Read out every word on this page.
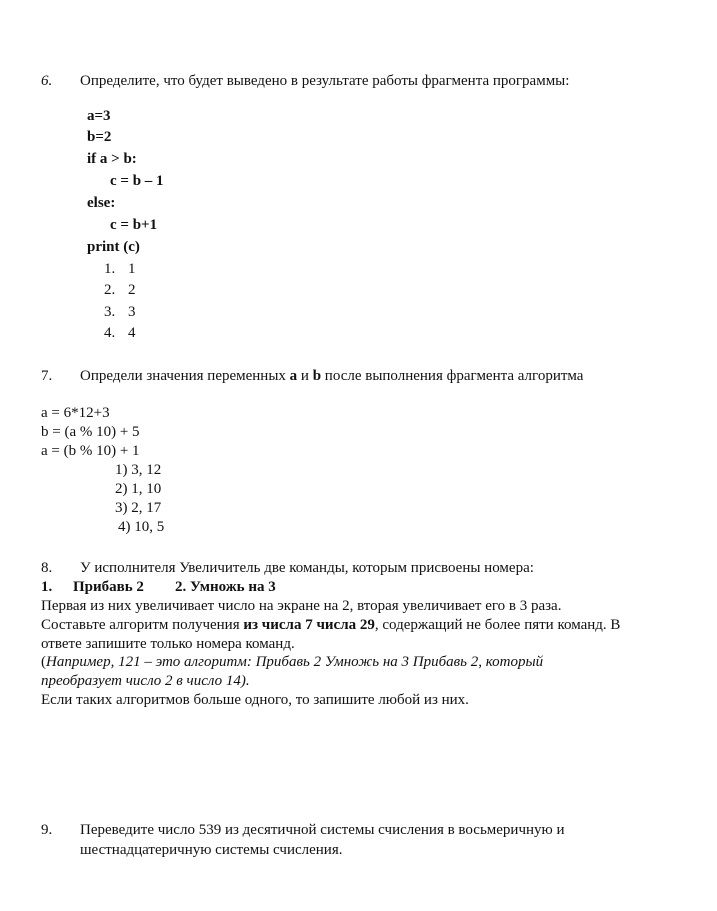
6. Определите, что будет выведено в результате работы фрагмента программы:
a=3
b=2
if a > b:
c = b – 1
else:
c = b+1
print (c)
1. 1
2. 2
3. 3
4. 4
7. Определи значения переменных a и b после выполнения фрагмента алгоритма
a = 6*12+3
b = (a % 10) + 5
a = (b % 10) + 1
1) 3, 12
2) 1, 10
3) 2, 17
4) 10, 5
8. У исполнителя Увеличитель две команды, которым присвоены номера:
1. Прибавь 2 2. Умножь на 3
Первая из них увеличивает число на экране на 2, вторая увеличивает его в 3 раза.
Составьте алгоритм получения из числа 7 числа 29, содержащий не более пяти команд. В
ответе запишите только номера команд.
(Например, 121 – это алгоритм: Прибавь 2 Умножь на 3 Прибавь 2, который
преобразует число 2 в число 14).
Если таких алгоритмов больше одного, то запишите любой из них.
9. Переведите число 539 из десятичной системы счисления в восьмеричную и
шестнадцатеричную системы счисления.
